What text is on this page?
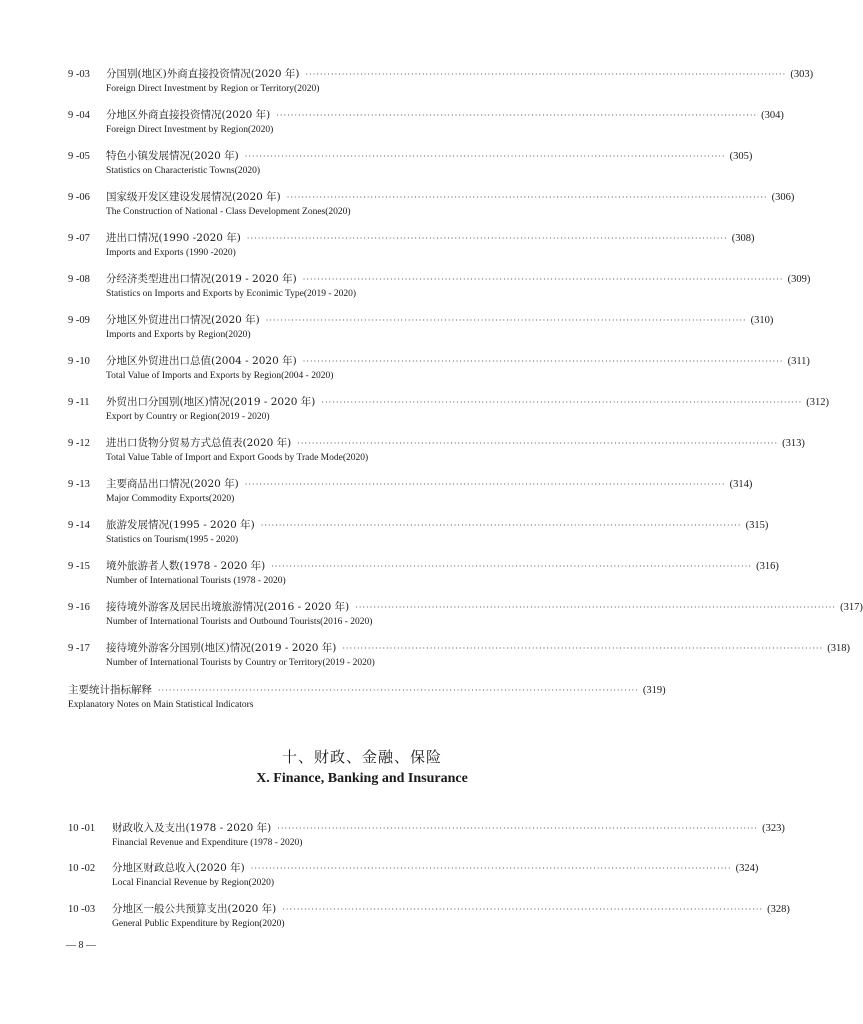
9 -03	分国别(地区)外商直接投资情况(2020 年) ···································································································································· (303)
Foreign Direct Investment by Region or Territory(2020)
9 -04	分地区外商直接投资情况(2020 年) ···································································································································· (304)
Foreign Direct Investment by Region(2020)
9 -05	特色小镇发展情况(2020 年) ···································································································································· (305)
Statistics on Characteristic Towns(2020)
9 -06	国家级开发区建设发展情况(2020 年) ···································································································································· (306)
The Construction of National - Class Development Zones(2020)
9 -07	进出口情况(1990 -2020 年) ···································································································································· (308)
Imports and Exports (1990 -2020)
9 -08	分经济类型进出口情况(2019 - 2020 年) ···································································································································· (309)
Statistics on Imports and Exports by Econimic Type(2019 - 2020)
9 -09	分地区外贸进出口情况(2020 年) ···································································································································· (310)
Imports and Exports by Region(2020)
9 -10	分地区外贸进出口总值(2004 - 2020 年) ···································································································································· (311)
Total Value of Imports and Exports by Region(2004 - 2020)
9 -11	外贸出口分国别(地区)情况(2019 - 2020 年) ···································································································································· (312)
Export by Country or Region(2019 - 2020)
9 -12	进出口货物分贸易方式总值表(2020 年) ···································································································································· (313)
Total Value Table of Import and Export Goods by Trade Mode(2020)
9 -13	主要商品出口情况(2020 年) ···································································································································· (314)
Major Commodity Exports(2020)
9 -14	旅游发展情况(1995 - 2020 年) ···································································································································· (315)
Statistics on Tourism(1995 - 2020)
9 -15	境外旅游者人数(1978 - 2020 年) ···································································································································· (316)
Number of International Tourists (1978 - 2020)
9 -16	接待境外游客及居民出境旅游情况(2016 - 2020 年) ···································································································································· (317)
Number of International Tourists and Outbound Tourists(2016 - 2020)
9 -17	接待境外游客分国别(地区)情况(2019 - 2020 年) ···································································································································· (318)
Number of International Tourists by Country or Territory(2019 - 2020)
主要统计指标解释 ···································································································································· (319)
Explanatory Notes on Main Statistical Indicators
十、财政、金融、保险
X. Finance, Banking and Insurance
10 -01	财政收入及支出(1978 - 2020 年) ···································································································································· (323)
Financial Revenue and Expenditure (1978 - 2020)
10 -02	分地区财政总收入(2020 年) ···································································································································· (324)
Local Financial Revenue by Region(2020)
10 -03	分地区一般公共预算支出(2020 年) ···································································································································· (328)
General Public Expenditure by Region(2020)
— 8 —
